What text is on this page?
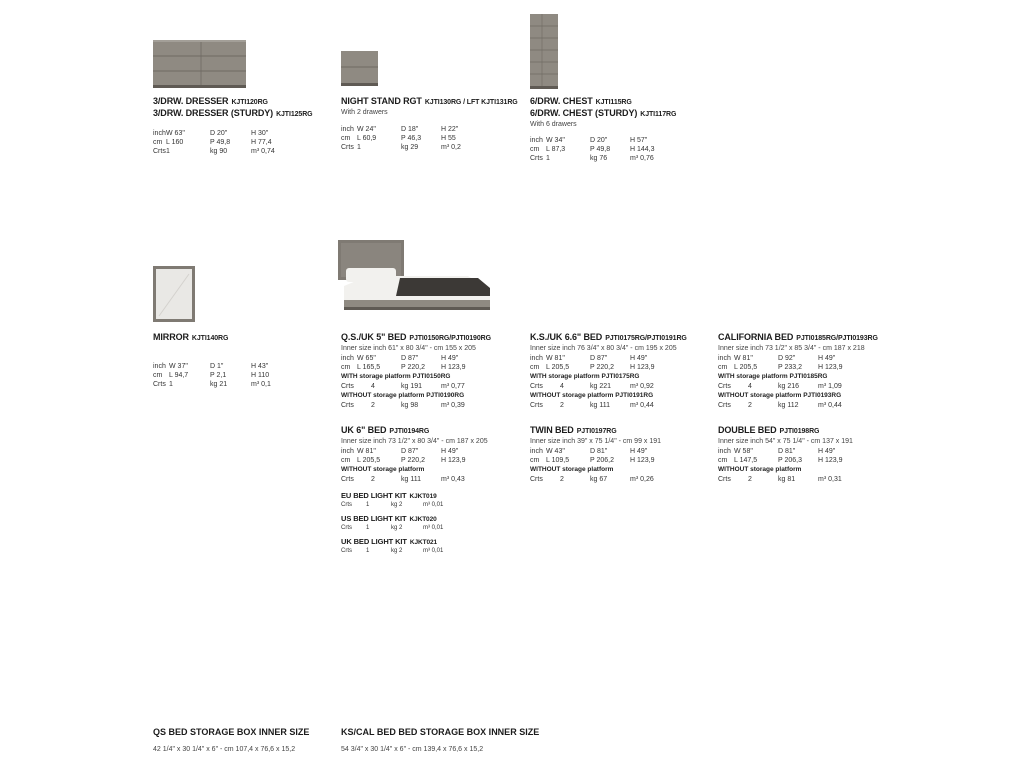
3/DRW. DRESSER KJTI120RG
3/DRW. DRESSER (STURDY) KJTI125RG
inch	W 63"	D 20"	H 30"
cm	L 160	P 49,8	H 77,4
Crts	1	kg 90	m³ 0,74
NIGHT STAND RGT KJTI130RG / LFT KJTI131RG
With 2 drawers
inch	W 24"	D 18"	H 22"
cm	L 60,9	P 46,3	H 55
Crts	1	kg 29	m³ 0,2
6/DRW. CHEST KJTI115RG
6/DRW. CHEST (STURDY) KJTI117RG
With 6 drawers
inch	W 34"	D 20"	H 57"
cm	L 87,3	P 49,8	H 144,3
Crts	1	kg 76	m³ 0,76
MIRROR KJTI140RG
inch	W 37"	D 1"	H 43"
cm	L 94,7	P 2,1	H 110
Crts	1	kg 21	m³ 0,1
Q.S./UK 5" BED PJTI0150RG/PJTI0190RG
Inner size inch 61" x 80 3/4" - cm 155 x 205
inch	W 65"	D 87"	H 49"
cm	L 165,5	P 220,2	H 123,9
WITH storage platform PJTI0150RG
Crts	4	kg 191	m³ 0,77
WITHOUT storage platform PJTI0190RG
Crts	2	kg 98	m³ 0,39
K.S./UK 6.6" BED PJTI0175RG/PJTI0191RG
Inner size inch 76 3/4" x 80 3/4" - cm 195 x 205
inch	W 81"	D 87"	H 49"
cm	L 205,5	P 220,2	H 123,9
WITH storage platform PJTI0175RG
Crts	4	kg 221	m³ 0,92
WITHOUT storage platform PJTI0191RG
Crts	2	kg 111	m³ 0,44
CALIFORNIA BED PJTI0185RG/PJTI0193RG
Inner size inch 73 1/2" x 85 3/4" - cm 187 x 218
inch	W 81"	D 92"	H 49"
cm	L 205,5	P 233,2	H 123,9
WITH storage platform PJTI0185RG
Crts	4	kg 216	m³ 1,09
WITHOUT storage platform PJTI0193RG
Crts	2	kg 112	m³ 0,44
UK 6" BED PJTI0194RG
Inner size inch 73 1/2" x 80 3/4" - cm 187 x 205
inch	W 81"	D 87"	H 49"
cm	L 205,5	P 220,2	H 123,9
WITHOUT storage platform
Crts	2	kg 111	m³ 0,43
TWIN BED PJTI0197RG
Inner size inch 39" x 75 1/4" - cm 99 x 191
inch	W 43"	D 81"	H 49"
cm	L 109,5	P 206,2	H 123,9
WITHOUT storage platform
Crts	2	kg 67	m³ 0,26
DOUBLE BED PJTI0198RG
Inner size inch 54" x 75 1/4" - cm 137 x 191
inch	W 58"	D 81"	H 49"
cm	L 147,5	P 206,3	H 123,9
WITHOUT storage platform
Crts	2	kg 81	m³ 0,31
EU BED LIGHT KIT KJKT019
Crts	1	kg 2	m³ 0,01
US BED LIGHT KIT KJKT020
Crts	1	kg 2	m³ 0,01
UK BED LIGHT KIT KJKT021
Crts	1	kg 2	m³ 0,01
QS BED STORAGE BOX INNER SIZE
42 1/4" x 30 1/4" x 6" - cm 107,4 x 76,6 x 15,2
KS/CAL BED BED STORAGE BOX INNER SIZE
54 3/4" x 30 1/4" x 6" - cm 139,4 x 76,6 x 15,2
